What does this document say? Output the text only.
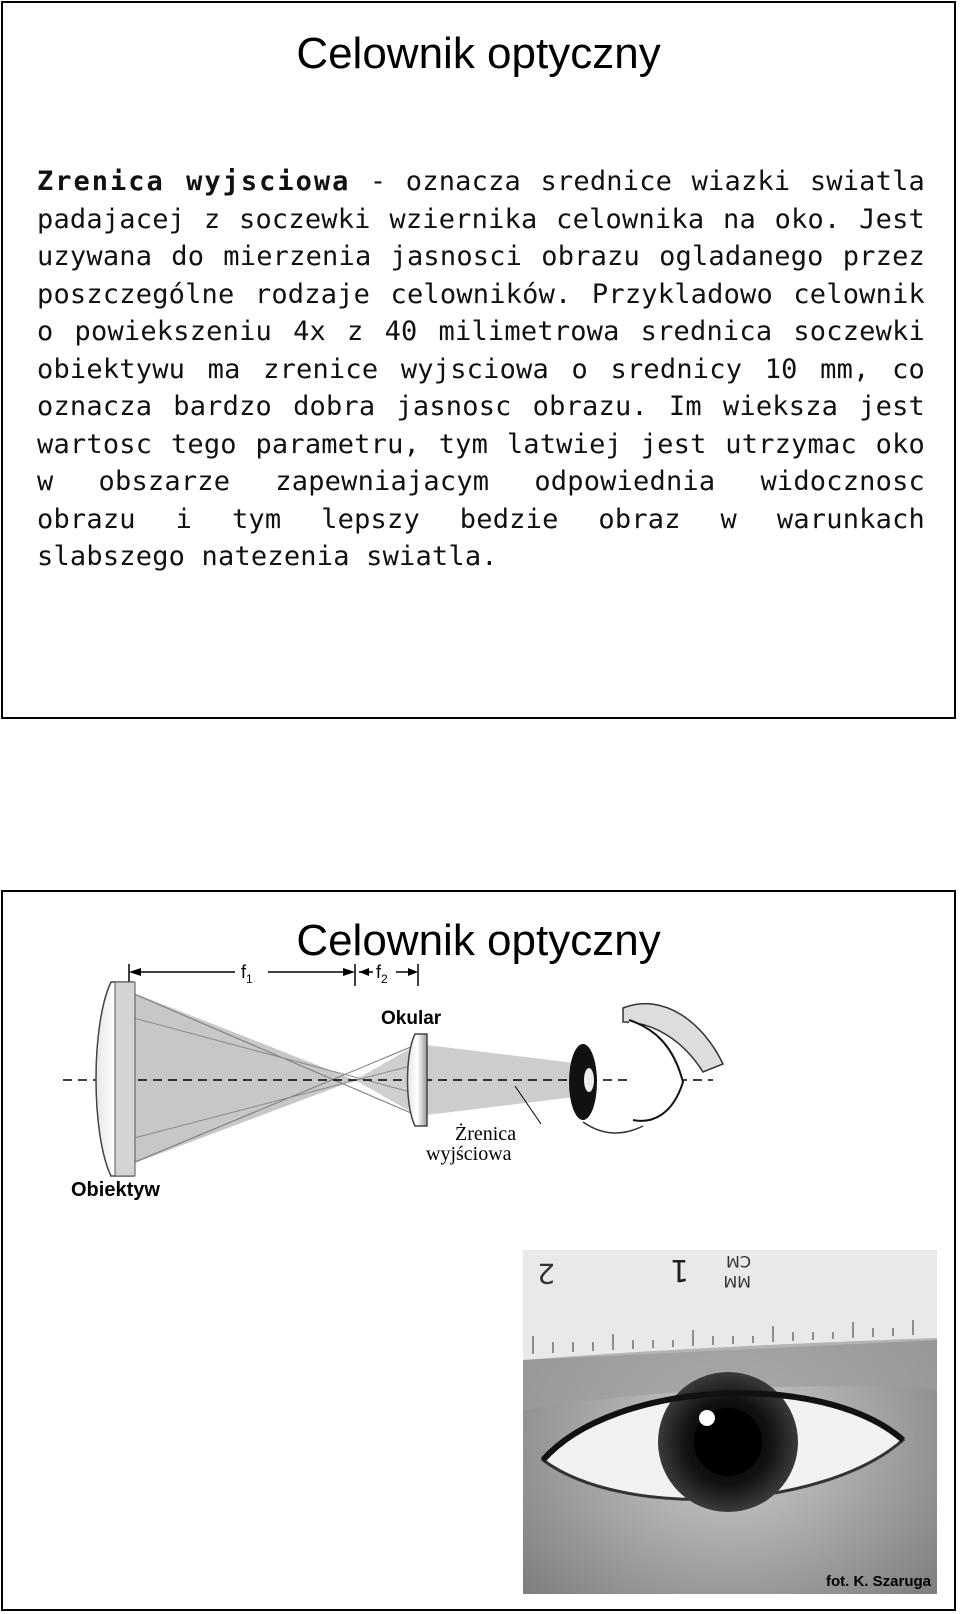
Celownik optyczny
Zrenica wyjsciowa - oznacza srednice wiazki swiatla padajacej z soczewki wziernika celownika na oko. Jest uzywana do mierzenia jasnosci obrazu ogladanego przez poszczególne rodzaje celowników. Przykladowo celownik o powiekszeniu 4x z 40 milimetrowa srednica soczewki obiektywu ma zrenice wyjsciowa o srednicy 10 mm, co oznacza bardzo dobra jasnosc obrazu. Im wieksza jest wartosc tego parametru, tym latwiej jest utrzymac oko w obszarze zapewniajacym odpowiednia widocznosc obrazu i tym lepszy bedzie obraz w warunkach slabszego natezenia swiatla.
Celownik optyczny
$f_1$	$f_2$
Okular
Żrenica
wyjściowa
Obiektyw
2	1 CM
MM
fot. K. Szaruga
